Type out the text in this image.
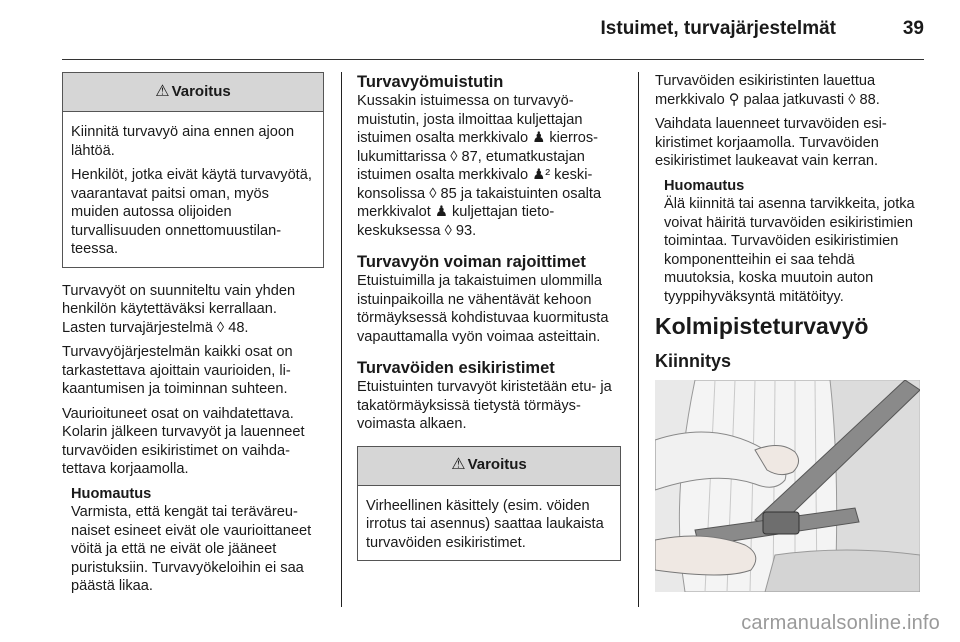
Istuimet, turvajärjestelmät	39
⚠ Varoitus

Kiinnitä turvavyö aina ennen ajoon lähtöä.

Henkilöt, jotka eivät käytä turvavyötä, vaarantavat paitsi oman, myös muiden autossa olijoiden turvallisuuden onnettomuustilanteessa.

Turvavyöt on suunniteltu vain yhden henkilön käytettäväksi kerrallaan. Lasten turvajärjestelmä ◊ 48.

Turvavyöjärjestelmän kaikki osat on tarkastettava ajoittain vaurioiden, likaantumisen ja toiminnan suhteen.

Vaurioituneet osat on vaihdatettava. Kolarin jälkeen turvavyöt ja lauenneet turvavöiden esikiristimet on vaihdatettava korjaamolla.

Huomautus
Varmista, että kengät tai teräväreunaiset esineet eivät ole vaurioittaneet vöitä ja että ne eivät ole jääneet puristuksiin. Turvavyökeloihin ei saa päästä likaa.
Turvavyömuistutin

Kussakin istuimessa on turvavyömuistutin, josta ilmoittaa kuljettajan istuimen osalta merkkivalo ♟ kierroslukumittarissa ◊ 87, etumatkustajan istuimen osalta merkkivalo ♟² keskikonsolissa ◊ 85 ja takaistuinten osalta merkkivalot ♟ kuljettajan tietokeskuksessa ◊ 93.

Turvavyön voiman rajoittimet

Etuistuimilla ja takaistuimen ulommilla istuinpaikoilla ne vähentävät kehoon törmäyksessä kohdistuvaa kuormitusta vapauttamalla vyön voimaa asteittain.

Turvavöiden esikiristimet

Etuistuinten turvavyöt kiristetään etu- ja takatörmäyksissä tietystä törmäysvoimasta alkaen.

⚠ Varoitus

Virheellinen käsittely (esim. vöiden irrotus tai asennus) saattaa laukaista turvavöiden esikiristimet.

Turvavöiden esikiristinten lauettua merkkivalo ⚲ palaa jatkuvasti ◊ 88.

Vaihdata lauenneet turvavöiden esikiristimet korjaamolla. Turvavöiden esikiristimet laukeavat vain kerran.

Huomautus
Älä kiinnitä tai asenna tarvikkeita, jotka voivat häiritä turvavöiden esikiristimien toimintaa. Turvavöiden esikiristimien komponentteihin ei saa tehdä muutoksia, koska muutoin auton tyyppihyväksyntä mitätöityy.
Kolmipisteturvavyö
Kiinnitys
carmanualsonline.info
